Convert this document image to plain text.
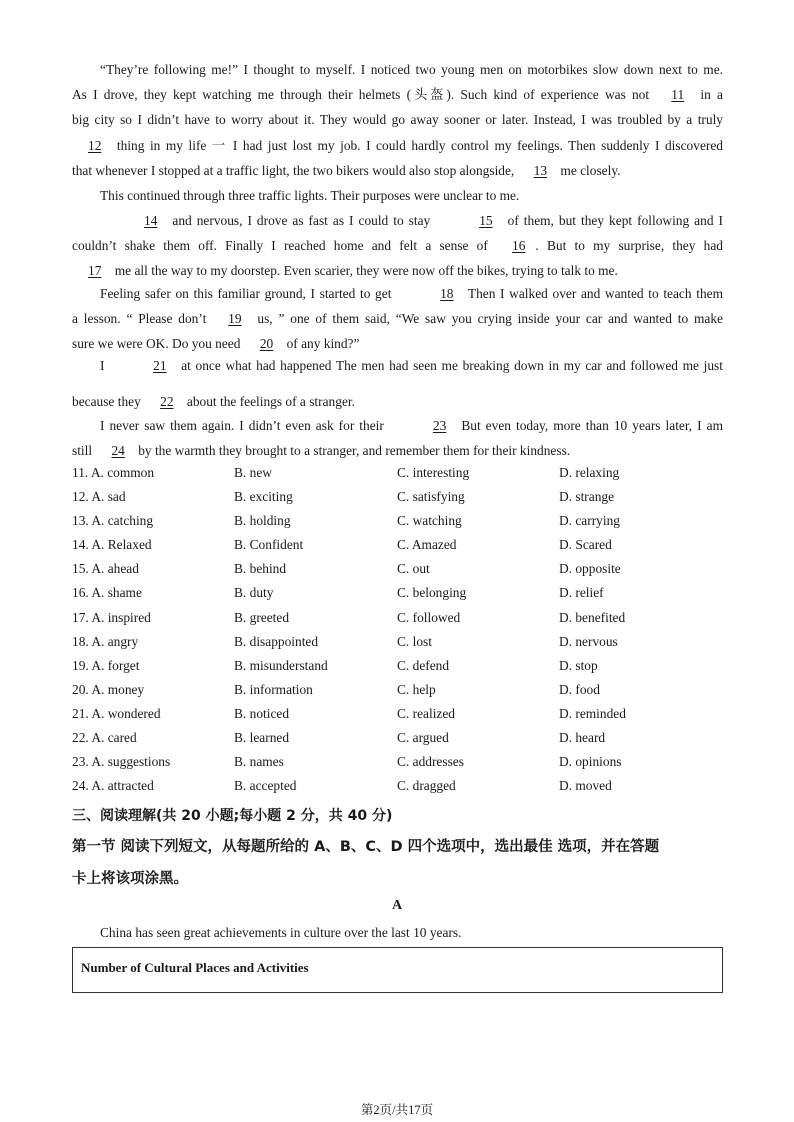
“They’re following me!” I thought to myself. I noticed two young men on motorbikes slow down next to me.
As I drove, they kept watching me through their helmets (头盔). Such kind of experience was not 11 in a
big city so I didn’t have to worry about it. They would go away sooner or later. Instead, I was troubled by a truly
12 thing in my life 一 I had just lost my job. I could hardly control my feelings. Then suddenly I discovered
that whenever I stopped at a traffic light, the two bikers would also stop alongside, 13 me closely.
This continued through three traffic lights. Their purposes were unclear to me.
14 and nervous, I drove as fast as I could to stay	15 of them, but they kept following and I
couldn’t shake them off. Finally I reached home and felt a sense of 16 . But to my surprise, they had
17 me all the way to my doorstep. Even scarier, they were now off the bikes, trying to talk to me.
Feeling safer on this familiar ground, I started to get	18 Then I walked over and wanted to teach them
a lesson. “ Please don’t 19 us, ” one of them said, “We saw you crying inside your car and wanted to make
sure we were OK. Do you need 20 of any kind?”
I	21 at once what had happened The men had seen me breaking down in my car and followed me just
because they 22 about the feelings of a stranger.
I never saw them again. I didn’t even ask for their	23 But even today, more than 10 years later, I am
still 24 by the warmth they brought to a stranger, and remember them for their kindness.
11. A. common	B. new	C. interesting	D. relaxing
12. A. sad	B. exciting	C. satisfying	D. strange
13. A. catching	B. holding	C. watching	D. carrying
14. A. Relaxed	B. Confident	C. Amazed	D. Scared
15. A. ahead	B. behind	C. out	D. opposite
16. A. shame	B. duty	C. belonging	D. relief
17. A. inspired	B. greeted	C. followed	D. benefited
18. A. angry	B. disappointed	C. lost	D. nervous
19. A. forget	B. misunderstand	C. defend	D. stop
20. A. money	B. information	C. help	D. food
21. A. wondered	B. noticed	C. realized	D. reminded
22. A. cared	B. learned	C. argued	D. heard
23. A. suggestions	B. names	C. addresses	D. opinions
24. A. attracted	B. accepted	C. dragged	D. moved
三、阅读理解(共 20 小题;每小题 2 分，共 40 分)
第一节 阅读下列短文，从每题所给的 A、B、C、D 四个选项中，选出最佳 选项，并在答题
卡上将该项涂黑。
A
China has seen great achievements in culture over the last 10 years.
Number of Cultural Places and Activities
第2页/共17页
